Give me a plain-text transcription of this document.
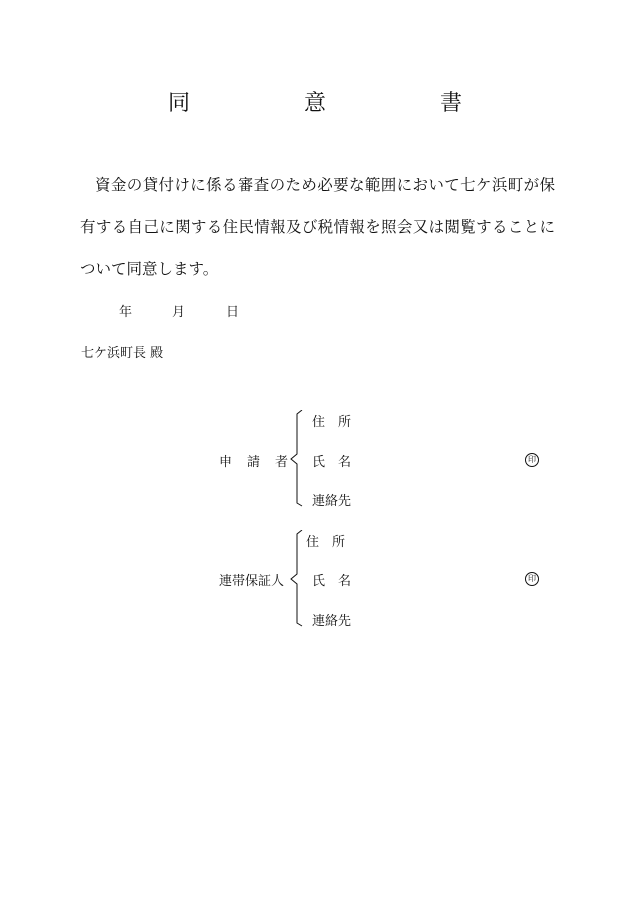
同　意　書
資金の貸付けに係る審査のため必要な範囲において七ケ浜町が保有する自己に関する住民情報及び税情報を照会又は閲覧することについて同意します。
年	月	日
七ケ浜町長 殿
申請者
住　所
氏　名
連絡先
印
連帯保証人
住　所
氏　名
連絡先
印
